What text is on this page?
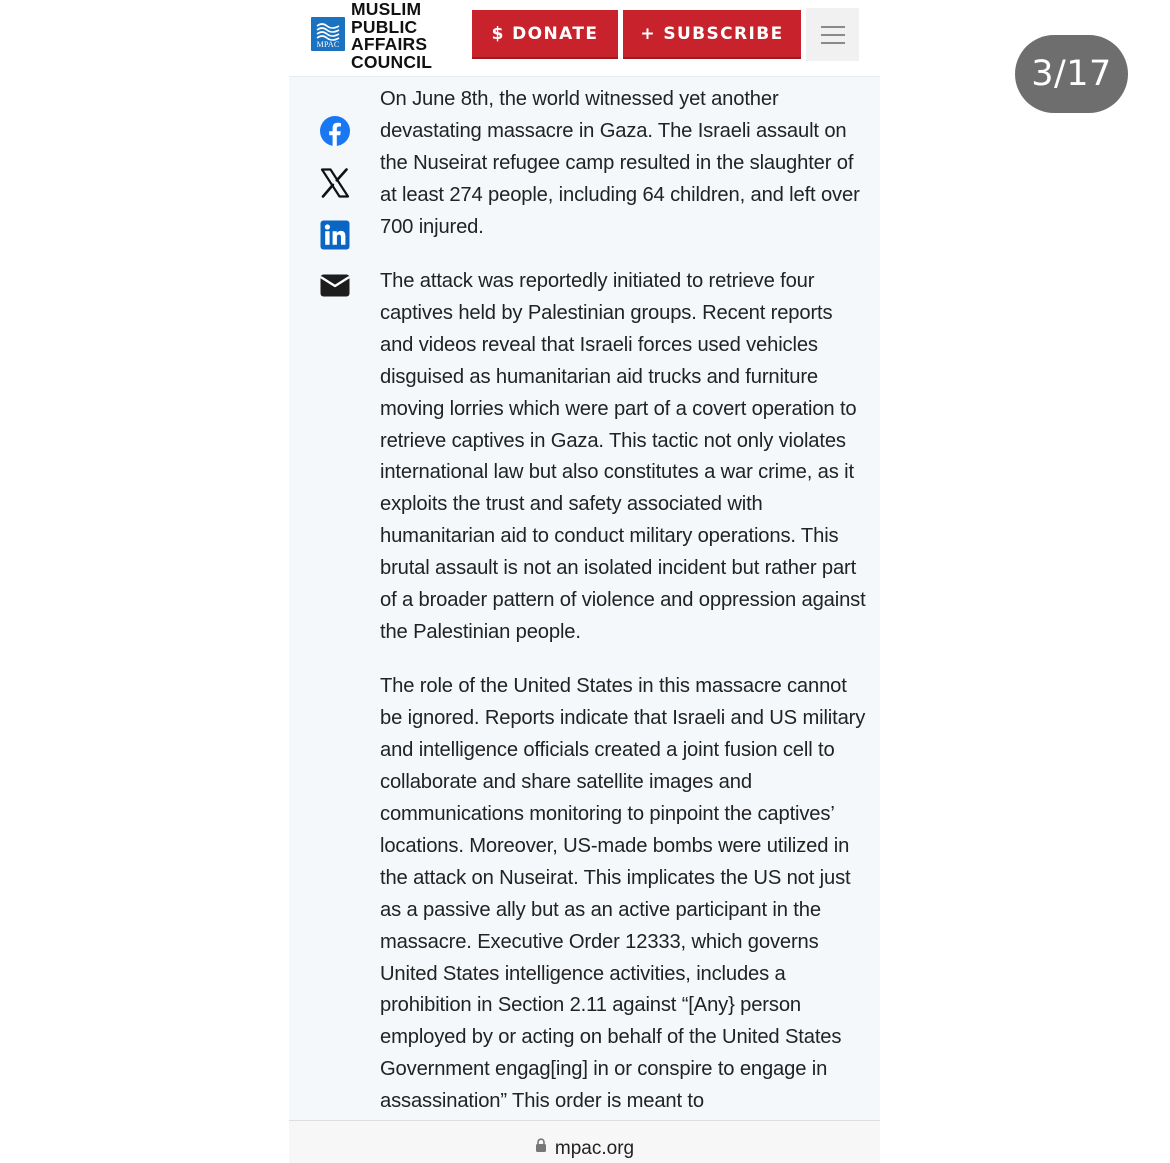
MPAC
MUSLIM
PUBLIC
AFFAIRS
COUNCIL
$ DONATE	+ SUBSCRIBE

On June 8th, the world witnessed yet another devastating massacre in Gaza. The Israeli assault on the Nuseirat refugee camp resulted in the slaughter of at least 274 people, including 64 children, and left over 700 injured.

The attack was reportedly initiated to retrieve four captives held by Palestinian groups. Recent reports and videos reveal that Israeli forces used vehicles disguised as humanitarian aid trucks and furniture moving lorries which were part of a covert operation to retrieve captives in Gaza. This tactic not only violates international law but also constitutes a war crime, as it exploits the trust and safety associated with humanitarian aid to conduct military operations. This brutal assault is not an isolated incident but rather part of a broader pattern of violence and oppression against the Palestinian people.

The role of the United States in this massacre cannot be ignored. Reports indicate that Israeli and US military and intelligence officials created a joint fusion cell to collaborate and share satellite images and communications monitoring to pinpoint the captives’ locations. Moreover, US-made bombs were utilized in the attack on Nuseirat. This implicates the US not just as a passive ally but as an active participant in the massacre. Executive Order 12333, which governs United States intelligence activities, includes a prohibition in Section 2.11 against “[Any} person employed by or acting on behalf of the United States Government engag[ing] in or conspire to engage in assassination” This order is meant to

mpac.org
3/17
